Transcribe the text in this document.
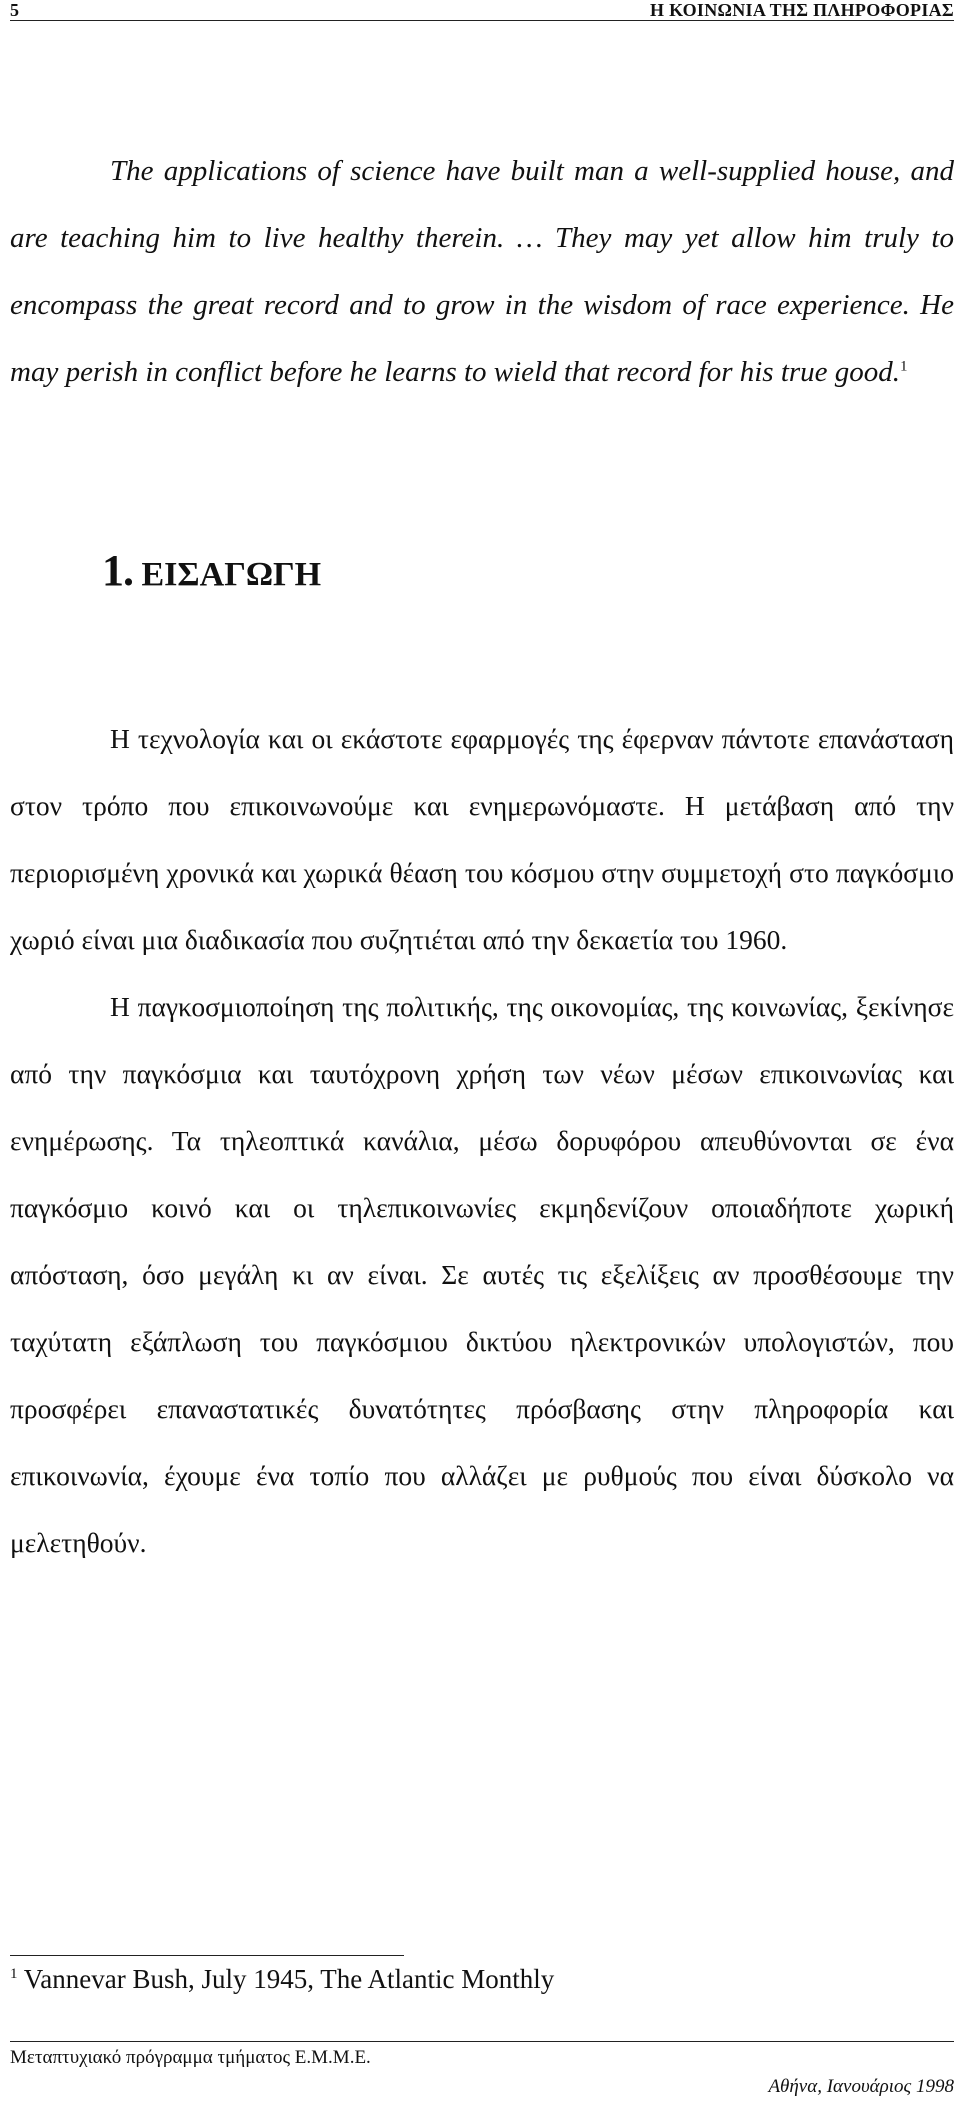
5	Η ΚΟΙΝΩΝΙΑ ΤΗΣ ΠΛΗΡΟΦΟΡΙΑΣ

The applications of science have built man a well-supplied house, and are teaching him to live healthy therein. … They may yet allow him truly to encompass the great record and to grow in the wisdom of race experience. He may perish in conflict before he learns to wield that record for his true good.$^1$

1. ΕΙΣΑΓΩΓΗ

Η τεχνολογία και οι εκάστοτε εφαρμογές της έφερναν πάντοτε επανάσταση στον τρόπο που επικοινωνούμε και ενημερωνόμαστε. Η μετάβαση από την περιορισμένη χρονικά και χωρικά θέαση του κόσμου στην συμμετοχή στο παγκόσμιο χωριό είναι μια διαδικασία που συζητιέται από την δεκαετία του 1960.

Η παγκοσμιοποίηση της πολιτικής, της οικονομίας, της κοινωνίας, ξεκίνησε από την παγκόσμια και ταυτόχρονη χρήση των νέων μέσων επικοινωνίας και ενημέρωσης. Τα τηλεοπτικά κανάλια, μέσω δορυφόρου απευθύνονται σε ένα παγκόσμιο κοινό και οι τηλεπικοινωνίες εκμηδενίζουν οποιαδήποτε χωρική απόσταση, όσο μεγάλη κι αν είναι. Σε αυτές τις εξελίξεις αν προσθέσουμε την ταχύτατη εξάπλωση του παγκόσμιου δικτύου ηλεκτρονικών υπολογιστών, που προσφέρει επαναστατικές δυνατότητες πρόσβασης στην πληροφορία και επικοινωνία, έχουμε ένα τοπίο που αλλάζει με ρυθμούς που είναι δύσκολο να μελετηθούν.

$^1$ Vannevar Bush, July 1945, The Atlantic Monthly
Μεταπτυχιακό πρόγραμμα τμήματος Ε.Μ.Μ.Ε.
Αθήνα, Ιανουάριος 1998
